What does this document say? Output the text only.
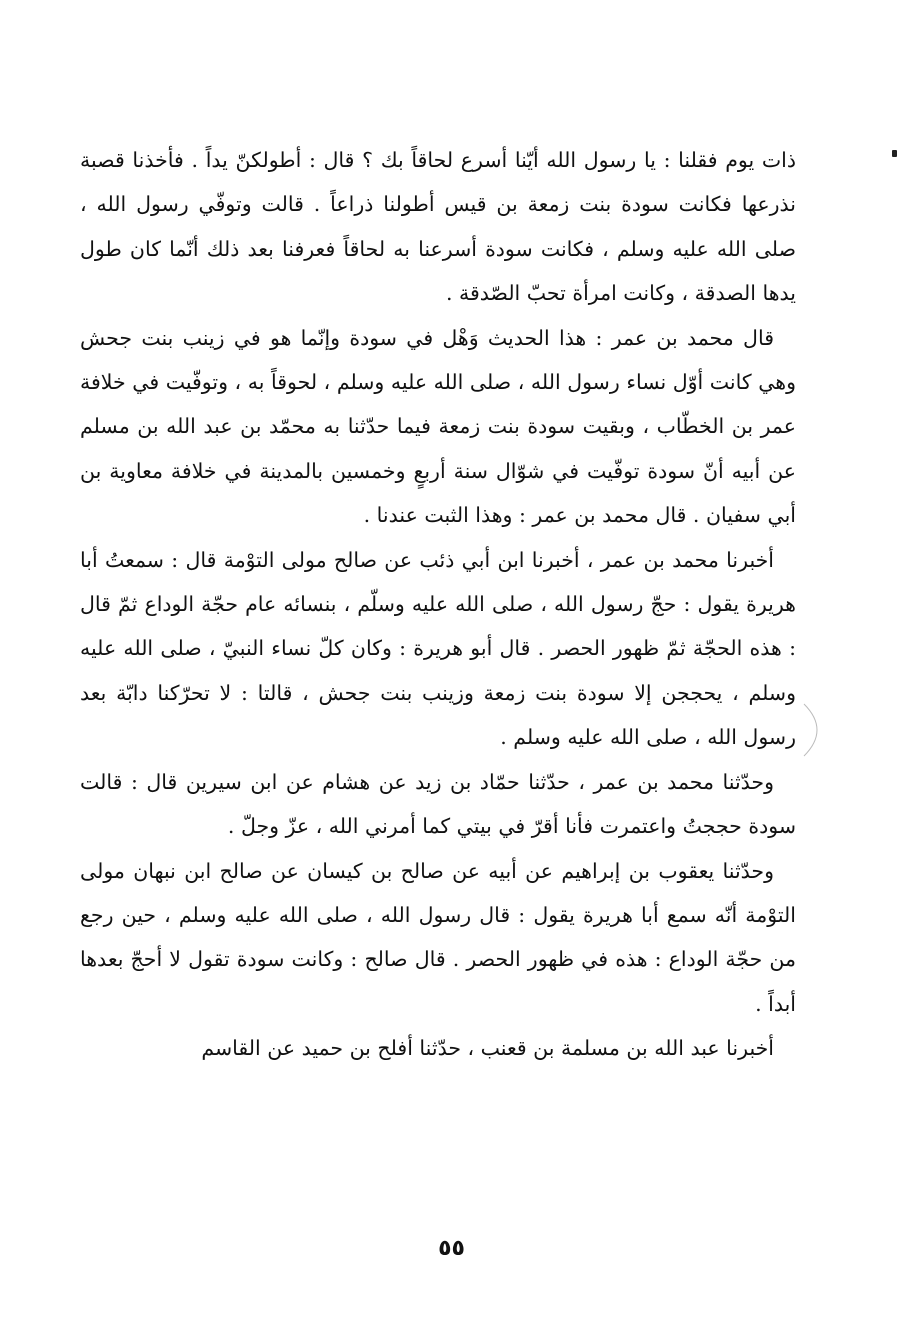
ذات يوم فقلنا : يا رسول الله أيّنا أسرع لحاقاً بك ؟ قال : أطولكنّ يداً . فأخذنا قصبة نذرعها فكانت سودة بنت زمعة بن قيس أطولنا ذراعاً . قالت وتوفّي رسول الله ، صلى الله عليه وسلم ، فكانت سودة أسرعنا به لحاقاً فعرفنا بعد ذلك أنّما كان طول يدها الصدقة ، وكانت امرأة تحبّ الصّدقة .

قال محمد بن عمر : هذا الحديث وَهْل في سودة وإنّما هو في زينب بنت جحش وهي كانت أوّل نساء رسول الله ، صلى الله عليه وسلم ، لحوقاً به ، وتوفّيت في خلافة عمر بن الخطّاب ، وبقيت سودة بنت زمعة فيما حدّثنا به محمّد بن عبد الله بن مسلم عن أبيه أنّ سودة توفّيت في شوّال سنة أربعٍ وخمسين بالمدينة في خلافة معاوية بن أبي سفيان . قال محمد بن عمر : وهذا الثبت عندنا .

أخبرنا محمد بن عمر ، أخبرنا ابن أبي ذئب عن صالح مولى التوْمة قال : سمعتُ أبا هريرة يقول : حجّ رسول الله ، صلى الله عليه وسلّم ، بنسائه عام حجّة الوداع ثمّ قال : هذه الحجّة ثمّ ظهور الحصر . قال أبو هريرة : وكان كلّ نساء النبيّ ، صلى الله عليه وسلم ، يحججن إلا سودة بنت زمعة وزينب بنت جحش ، قالتا : لا تحرّكنا دابّة بعد رسول الله ، صلى الله عليه وسلم .

وحدّثنا محمد بن عمر ، حدّثنا حمّاد بن زيد عن هشام عن ابن سيرين قال : قالت سودة حججتُ واعتمرت فأنا أقرّ في بيتي كما أمرني الله ، عزّ وجلّ .

وحدّثنا يعقوب بن إبراهيم عن أبيه عن صالح بن كيسان عن صالح ابن نبهان مولى التوْمة أنّه سمع أبا هريرة يقول : قال رسول الله ، صلى الله عليه وسلم ، حين رجع من حجّة الوداع : هذه في ظهور الحصر . قال صالح : وكانت سودة تقول لا أحجّ بعدها أبداً .

أخبرنا عبد الله بن مسلمة بن قعنب ، حدّثنا أفلح بن حميد عن القاسم

٥٥
